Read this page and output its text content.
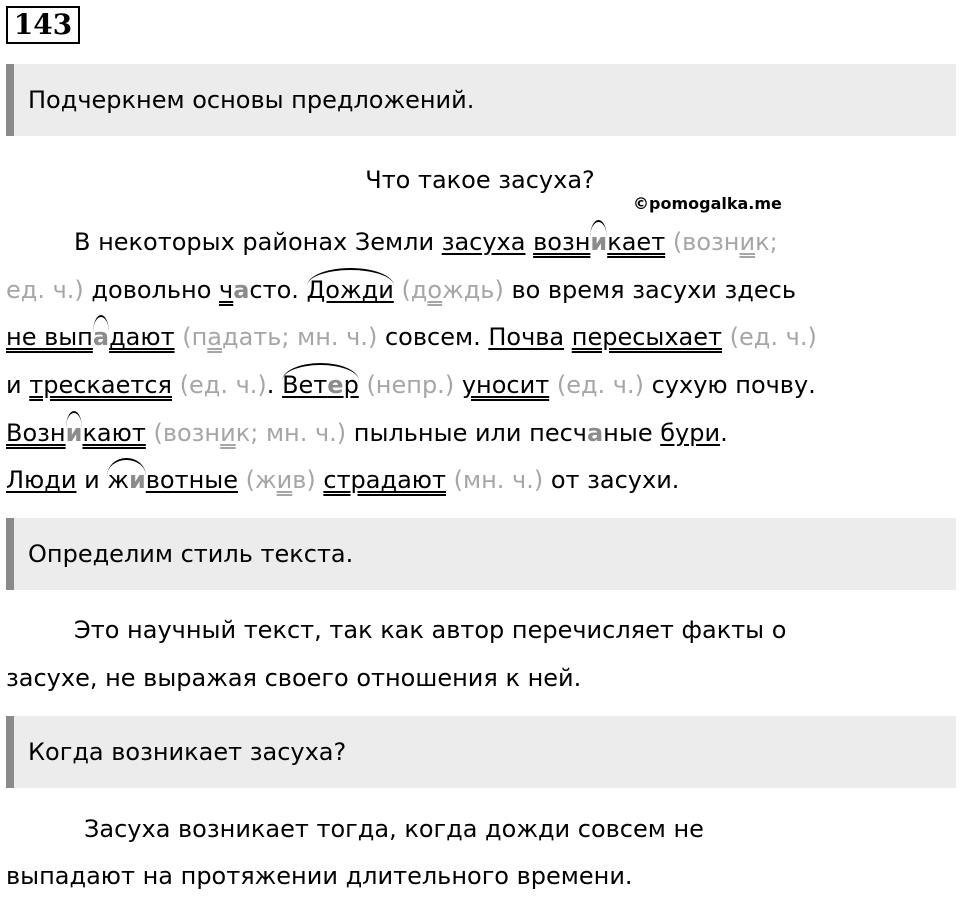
143
Подчеркнем основы предложений.
Что такое засуха?
©pomogalka.me
В некоторых районах Земли засуха возникает (возник;
ед. ч.) довольно часто. Дожди (дождь) во время засухи здесь
не выпадают (падать; мн. ч.) совсем. Почва пересыхает (ед. ч.)
и трескается (ед. ч.). Ветер (непр.) уносит (ед. ч.) сухую почву.
Возникают (возник; мн. ч.) пыльные или песчаные бури.
Люди и животные (жив) страдают (мн. ч.) от засухи.
Определим стиль текста.
Это научный текст, так как автор перечисляет факты о
засухе, не выражая своего отношения к ней.
Когда возникает засуха?
Засуха возникает тогда, когда дожди совсем не
выпадают на протяжении длительного времени.
